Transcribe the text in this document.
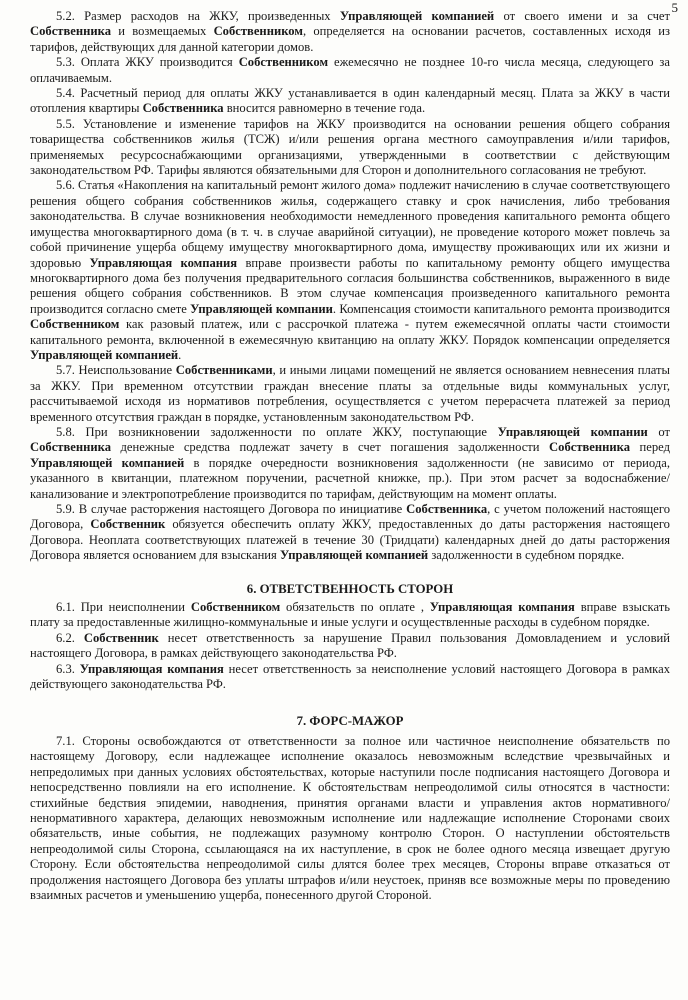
5

5.2. Размер расходов на ЖКУ, произведенных Управляющей компанией от своего имени и за счет Собственника и возмещаемых Собственником, определяется на основании расчетов, составленных исходя из тарифов, действующих для данной категории домов.

5.3. Оплата ЖКУ производится Собственником ежемесячно не позднее 10-го числа месяца, следующего за оплачиваемым.

5.4. Расчетный период для оплаты ЖКУ устанавливается в один календарный месяц. Плата за ЖКУ в части отопления квартиры Собственника вносится равномерно в течение года.

5.5. Установление и изменение тарифов на ЖКУ производится на основании решения общего собрания товарищества собственников жилья (ТСЖ) и/или решения органа местного самоуправления и/или тарифов, применяемых ресурсоснабжающими организациями, утвержденными в соответствии с действующим законодательством РФ. Тарифы являются обязательными для Сторон и дополнительного согласования не требуют.

5.6. Статья «Накопления на капитальный ремонт жилого дома» подлежит начислению в случае соответствующего решения общего собрания собственников жилья, содержащего ставку и срок начисления, либо требования законодательства. В случае возникновения необходимости немедленного проведения капитального ремонта общего имущества многоквартирного дома (в т. ч. в случае аварийной ситуации), не проведение которого может повлечь за собой причинение ущерба общему имуществу многоквартирного дома, имуществу проживающих или их жизни и здоровью Управляющая компания вправе произвести работы по капитальному ремонту общего имущества многоквартирного дома без получения предварительного согласия большинства собственников, выраженного в виде решения общего собрания собственников. В этом случае компенсация произведенного капитального ремонта производится согласно смете Управляющей компании. Компенсация стоимости капитального ремонта производится Собственником как разовый платеж, или с рассрочкой платежа - путем ежемесячной оплаты части стоимости капитального ремонта, включенной в ежемесячную квитанцию на оплату ЖКУ. Порядок компенсации определяется Управляющей компанией.

5.7. Неиспользование Собственниками, и иными лицами помещений не является основанием невнесения платы за ЖКУ. При временном отсутствии граждан внесение платы за отдельные виды коммунальных услуг, рассчитываемой исходя из нормативов потребления, осуществляется с учетом перерасчета платежей за период временного отсутствия граждан в порядке, установленным законодательством РФ.

5.8. При возникновении задолженности по оплате ЖКУ, поступающие Управляющей компании от Собственника денежные средства подлежат зачету в счет погашения задолженности Собственника перед Управляющей компанией в порядке очередности возникновения задолженности (не зависимо от периода, указанного в квитанции, платежном поручении, расчетной книжке, пр.). При этом расчет за водоснабжение/канализование и электропотребление производится по тарифам, действующим на момент оплаты.

5.9. В случае расторжения настоящего Договора по инициативе Собственника, с учетом положений настоящего Договора, Собственник обязуется обеспечить оплату ЖКУ, предоставленных до даты расторжения настоящего Договора. Неоплата соответствующих платежей в течение 30 (Тридцати) календарных дней до даты расторжения Договора является основанием для взыскания Управляющей компанией задолженности в судебном порядке.

6. ОТВЕТСТВЕННОСТЬ СТОРОН

6.1. При неисполнении Собственником обязательств по оплате , Управляющая компания вправе взыскать плату за предоставленные жилищно-коммунальные и иные услуги и осуществленные расходы в судебном порядке.

6.2. Собственник несет ответственность за нарушение Правил пользования Домовладением и условий настоящего Договора, в рамках действующего законодательства РФ.

6.3. Управляющая компания несет ответственность за неисполнение условий настоящего Договора в рамках действующего законодательства РФ.

7. ФОРС-МАЖОР

7.1. Стороны освобождаются от ответственности за полное или частичное неисполнение обязательств по настоящему Договору, если надлежащее исполнение оказалось невозможным вследствие чрезвычайных и непредолимых при данных условиях обстоятельствах, которые наступили после подписания настоящего Договора и непосредственно повлияли на его исполнение. К обстоятельствам непреодолимой силы относятся в частности: стихийные бедствия эпидемии, наводнения, принятия органами власти и управления актов нормативного/ненормативного характера, делающих невозможным исполнение или надлежащие исполнение Сторонами своих обязательств, иные события, не подлежащих разумному контролю Сторон. О наступлении обстоятельств непреодолимой силы Сторона, ссылающаяся на их наступление, в срок не более одного месяца извещает другую Сторону. Если обстоятельства непреодолимой силы длятся более трех месяцев, Стороны вправе отказаться от продолжения настоящего Договора без уплаты штрафов и/или неустоек, приняв все возможные меры по проведению взаимных расчетов и уменьшению ущерба, понесенного другой Стороной.
